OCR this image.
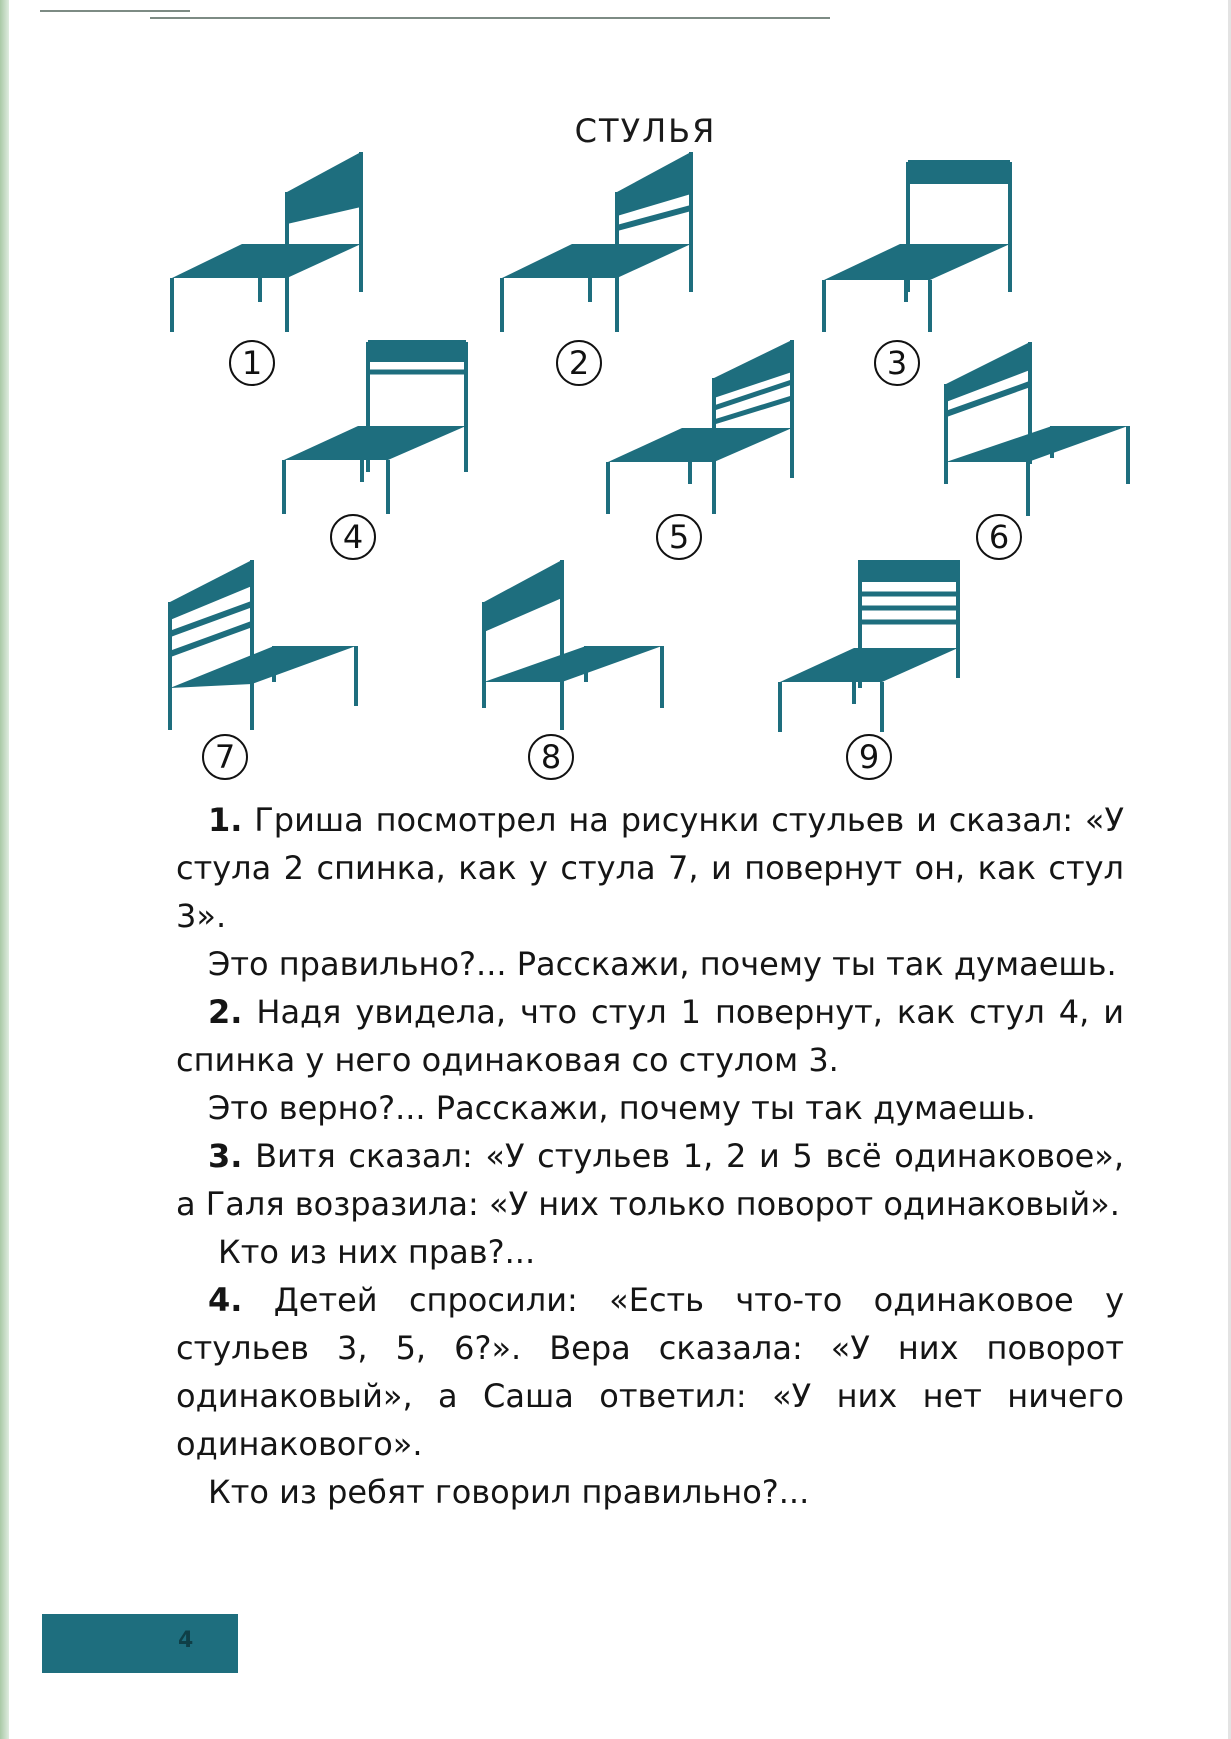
СТУЛЬЯ
1	2	3
4	5	6
7	8	9

1. Гриша посмотрел на рисунки стульев и сказал: «У стула 2 спинка, как у стула 7, и повернут он, как стул 3».

Это правильно?... Расскажи, почему ты так думаешь.

2. Надя увидела, что стул 1 повернут, как стул 4, и спинка у него одинаковая со стулом 3.

Это верно?... Расскажи, почему ты так думаешь.

3. Витя сказал: «У стульев 1, 2 и 5 всё одинаковое», а Галя возразила: «У них только поворот одинаковый».

Кто из них прав?...

4. Детей спросили: «Есть что-то одинаковое у стульев 3, 5, 6?». Вера сказала: «У них поворот одинаковый», а Саша ответил: «У них нет ничего одинакового».

Кто из ребят говорил правильно?...

4
